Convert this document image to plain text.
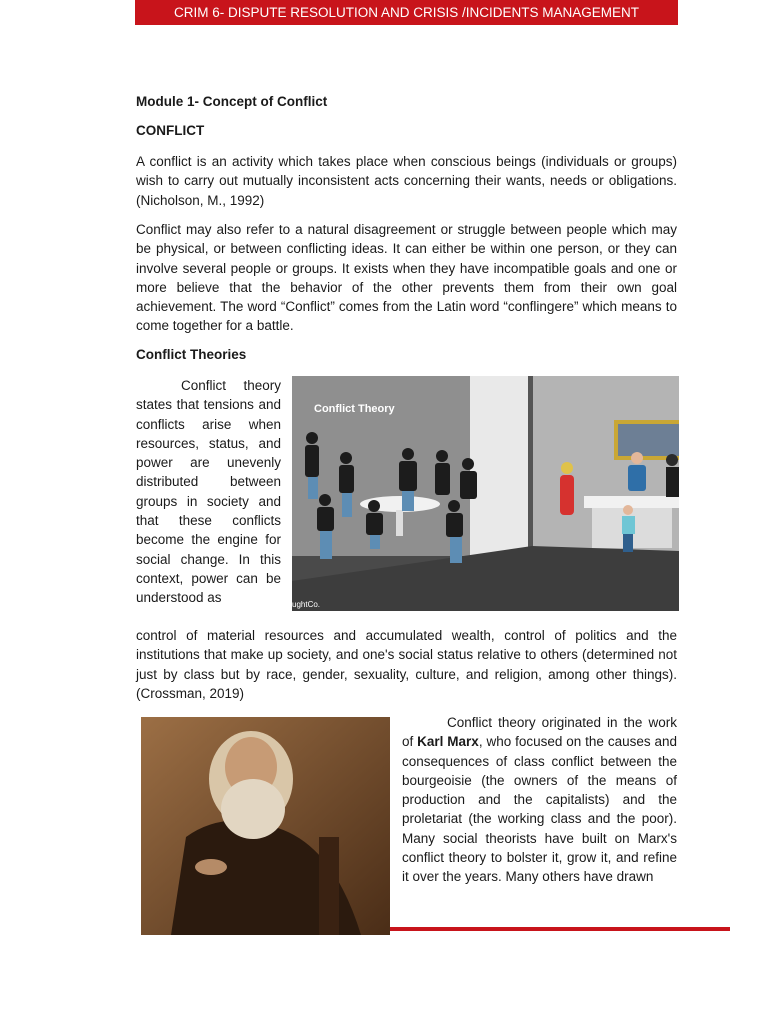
CRIM 6- DISPUTE RESOLUTION AND CRISIS /INCIDENTS MANAGEMENT
Module 1- Concept of Conflict
CONFLICT

A conflict is an activity which takes place when conscious beings (individuals or groups) wish to carry out mutually inconsistent acts concerning their wants, needs or obligations. (Nicholson, M., 1992)

Conflict may also refer to a natural disagreement or struggle between people which may be physical, or between conflicting ideas. It can either be within one person, or they can involve several people or groups. It exists when they have incompatible goals and one or more believe that the behavior of the other prevents them from their own goal achievement. The word “Conflict” comes from the Latin word “conflingere” which means to come together for a battle.

Conflict Theories

Conflict theory states that tensions and conflicts arise when resources, status, and power are unevenly distributed between groups in society and that these conflicts become the engine for social change. In this context, power can be understood as

Conflict Theory
ughtCo.

control of material resources and accumulated wealth, control of politics and the institutions that make up society, and one's social status relative to others (determined not just by class but by race, gender, sexuality, culture, and religion, among other things). (Crossman, 2019)

Conflict theory originated in the work of Karl Marx, who focused on the causes and consequences of class conflict between the bourgeoisie (the owners of the means of production and the capitalists) and the proletariat (the working class and the poor). Many social theorists have built on Marx's conflict theory to bolster it, grow it, and refine it over the years. Many others have drawn
